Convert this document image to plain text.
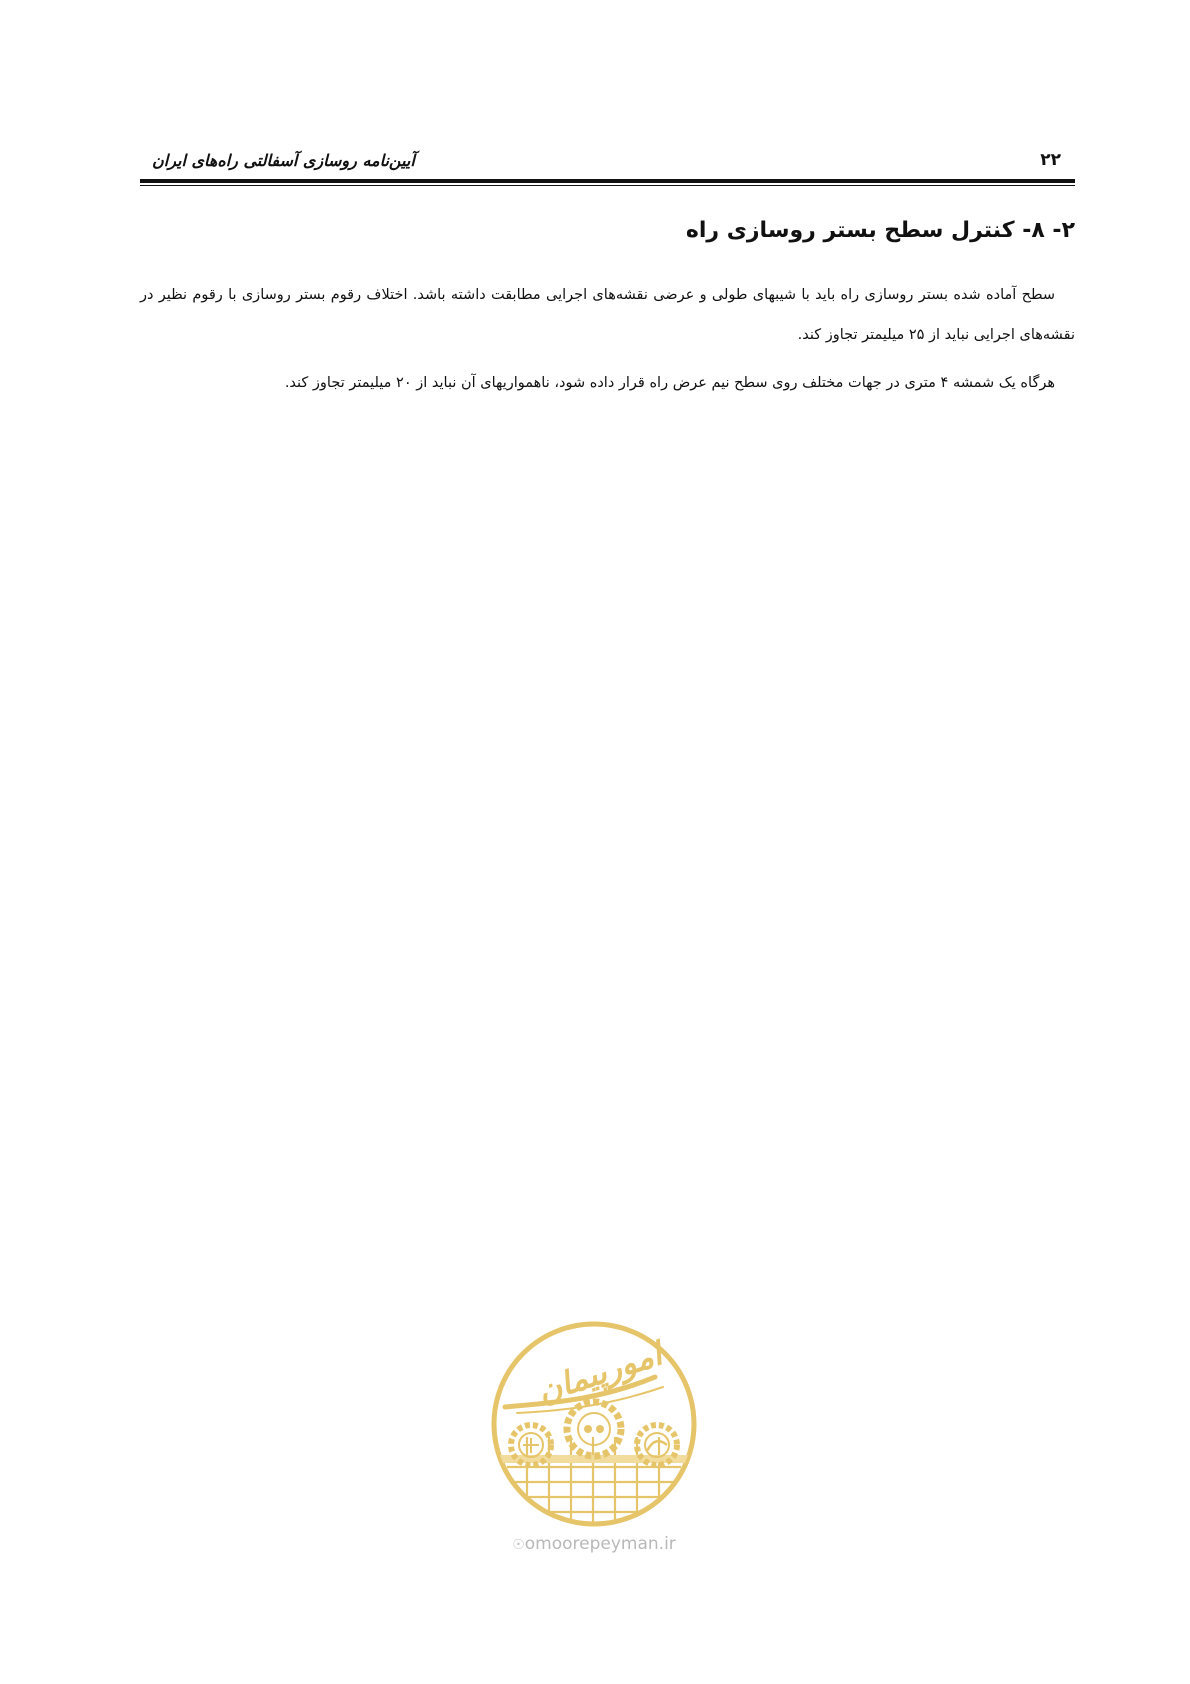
آیین‌نامه روسازی آسفالتی راه‌های ایران	۲۲
۲- ۸- کنترل سطح بستر روسازی راه

سطح آماده شده بستر روسازی راه باید با شیبهای طولی و عرضی نقشه‌های اجرایی مطابقت داشته باشد. اختلاف رقوم بستر روسازی با رقوم نظیر در نقشه‌های اجرایی نباید از ۲۵ میلیمتر تجاوز کند.

هرگاه یک شمشه ۴ متری در جهات مختلف روی سطح نیم عرض راه قرار داده شود، ناهمواریهای آن نباید از ۲۰ میلیمتر تجاوز کند.

امورپیمان
☉omoorepeyman.ir
